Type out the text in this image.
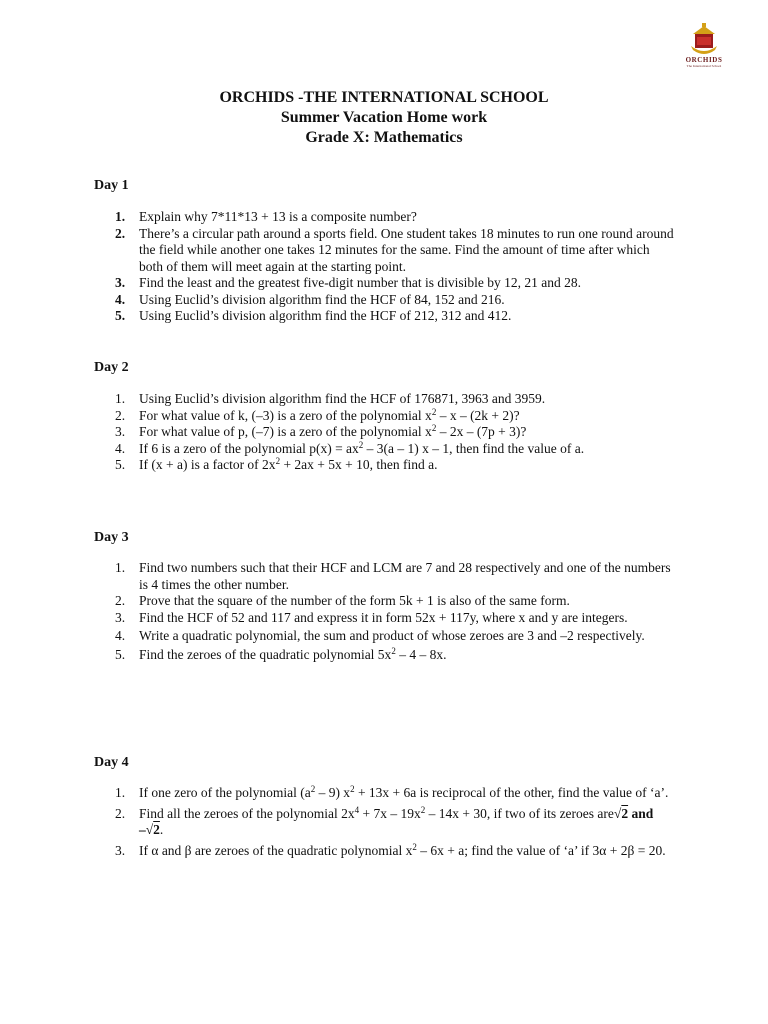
ORCHIDS
The International School
ORCHIDS -THE INTERNATIONAL SCHOOL
Summer Vacation Home work
Grade X: Mathematics
Day 1
1. Explain why 7*11*13 + 13 is a composite number?
2. There’s a circular path around a sports field. One student takes 18 minutes to run one round around the field while another one takes 12 minutes for the same. Find the amount of time after which both of them will meet again at the starting point.
3. Find the least and the greatest five-digit number that is divisible by 12, 21 and 28.
4. Using Euclid’s division algorithm find the HCF of 84, 152 and 216.
5. Using Euclid’s division algorithm find the HCF of 212, 312 and 412.
Day 2
1. Using Euclid’s division algorithm find the HCF of 176871, 3963 and 3959.
2. For what value of k, (–3) is a zero of the polynomial $x^2 - x - (2k + 2)$?
3. For what value of p, (–7) is a zero of the polynomial $x^2 - 2x - (7p + 3)$?
4. If 6 is a zero of the polynomial $p(x) = ax^2 - 3(a - 1)$ x – 1, then find the value of a.
5. If (x + a) is a factor of $2x^2 + 2ax + 5x + 10$, then find a.
Day 3
1. Find two numbers such that their HCF and LCM are 7 and 28 respectively and one of the numbers is 4 times the other number.
2. Prove that the square of the number of the form 5k + 1 is also of the same form.
3. Find the HCF of 52 and 117 and express it in form 52x + 117y, where x and y are integers.
4. Write a quadratic polynomial, the sum and product of whose zeroes are 3 and –2 respectively.
5. Find the zeroes of the quadratic polynomial $5x^2 - 4 - 8x$.
Day 4
1. If one zero of the polynomial $(a^2 - 9) x^2 + 13x + 6a$ is reciprocal of the other, find the value of ‘a’.
2. Find all the zeroes of the polynomial $2x^4 + 7x - 19x^2 - 14x + 30$, if two of its zeroes are√2 and –√2.
3. If α and β are zeroes of the quadratic polynomial $x^2 - 6x + a$; find the value of ‘a’ if 3α + 2β = 20.
